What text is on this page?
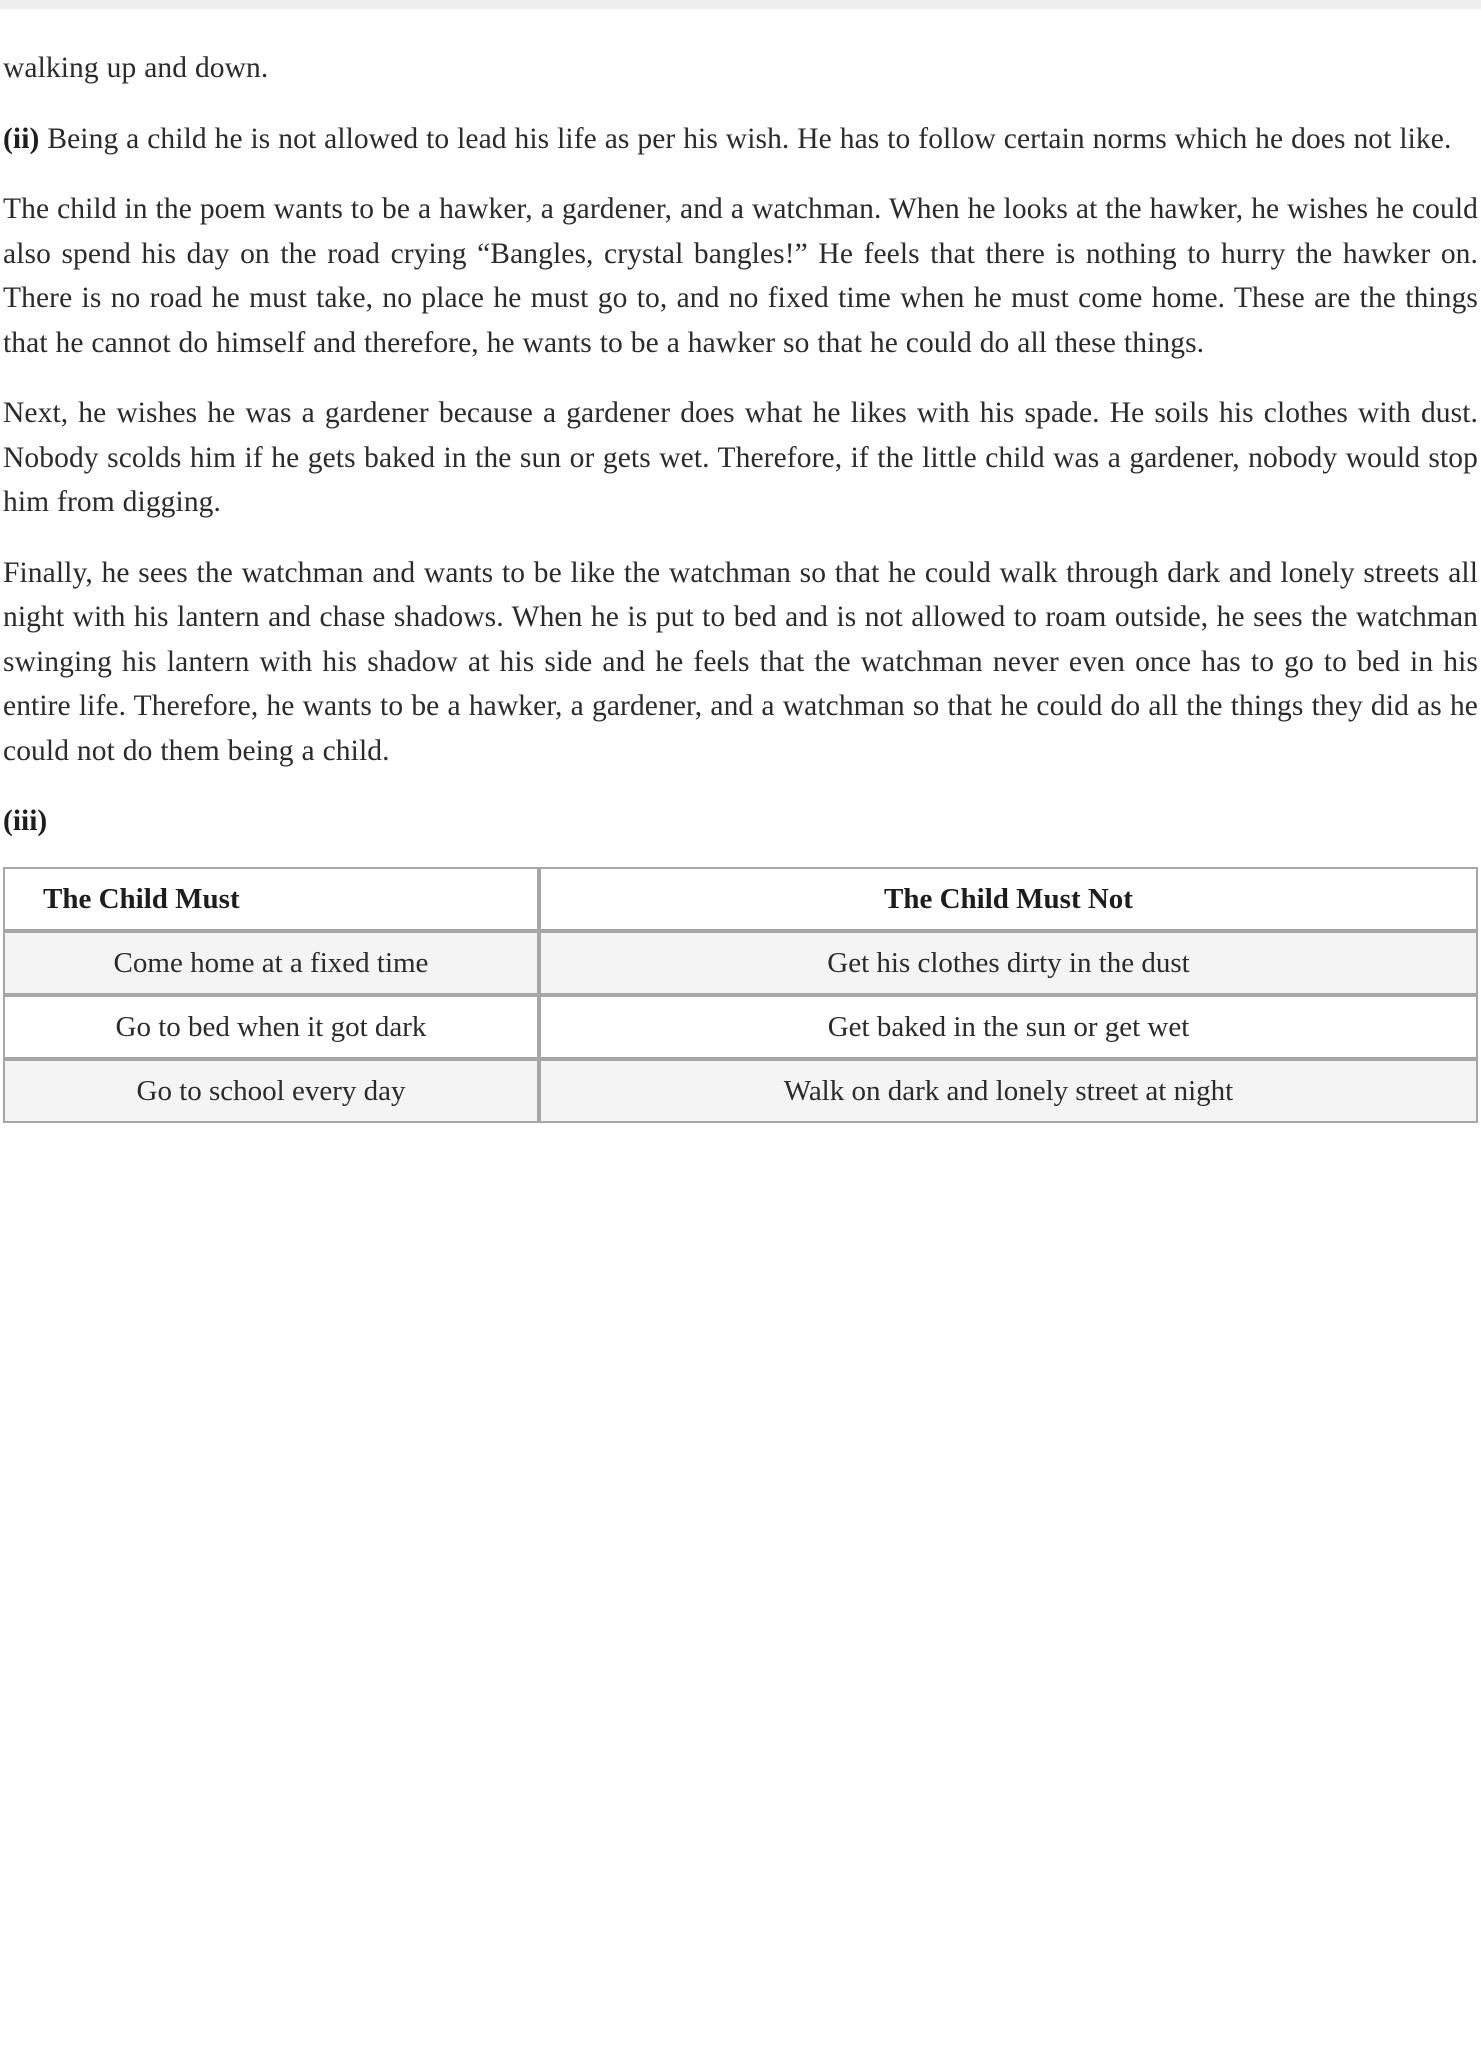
walking up and down.

(ii) Being a child he is not allowed to lead his life as per his wish. He has to follow certain norms which he does not like.

The child in the poem wants to be a hawker, a gardener, and a watchman. When he looks at the hawker, he wishes he could also spend his day on the road crying “Bangles, crystal bangles!” He feels that there is nothing to hurry the hawker on. There is no road he must take, no place he must go to, and no fixed time when he must come home. These are the things that he cannot do himself and therefore, he wants to be a hawker so that he could do all these things.

Next, he wishes he was a gardener because a gardener does what he likes with his spade. He soils his clothes with dust. Nobody scolds him if he gets baked in the sun or gets wet. Therefore, if the little child was a gardener, nobody would stop him from digging.

Finally, he sees the watchman and wants to be like the watchman so that he could walk through dark and lonely streets all night with his lantern and chase shadows. When he is put to bed and is not allowed to roam outside, he sees the watchman swinging his lantern with his shadow at his side and he feels that the watchman never even once has to go to bed in his entire life. Therefore, he wants to be a hawker, a gardener, and a watchman so that he could do all the things they did as he could not do them being a child.

(iii)

The Child Must	The Child Must Not
Come home at a fixed time	Get his clothes dirty in the dust
Go to bed when it got dark	Get baked in the sun or get wet
Go to school every day	Walk on dark and lonely street at night
